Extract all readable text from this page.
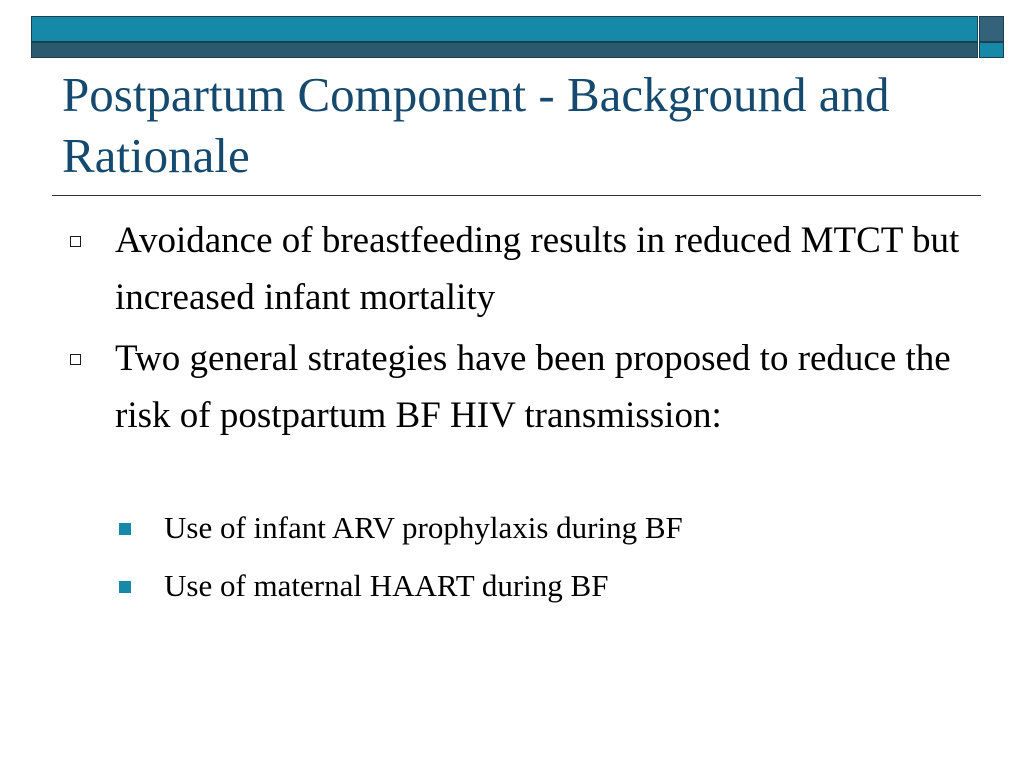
Postpartum Component - Background and Rationale
Avoidance of breastfeeding results in reduced MTCT but increased infant mortality
Two general strategies have been proposed to reduce the risk of postpartum BF HIV transmission:
Use of infant ARV prophylaxis during BF
Use of maternal HAART during BF
